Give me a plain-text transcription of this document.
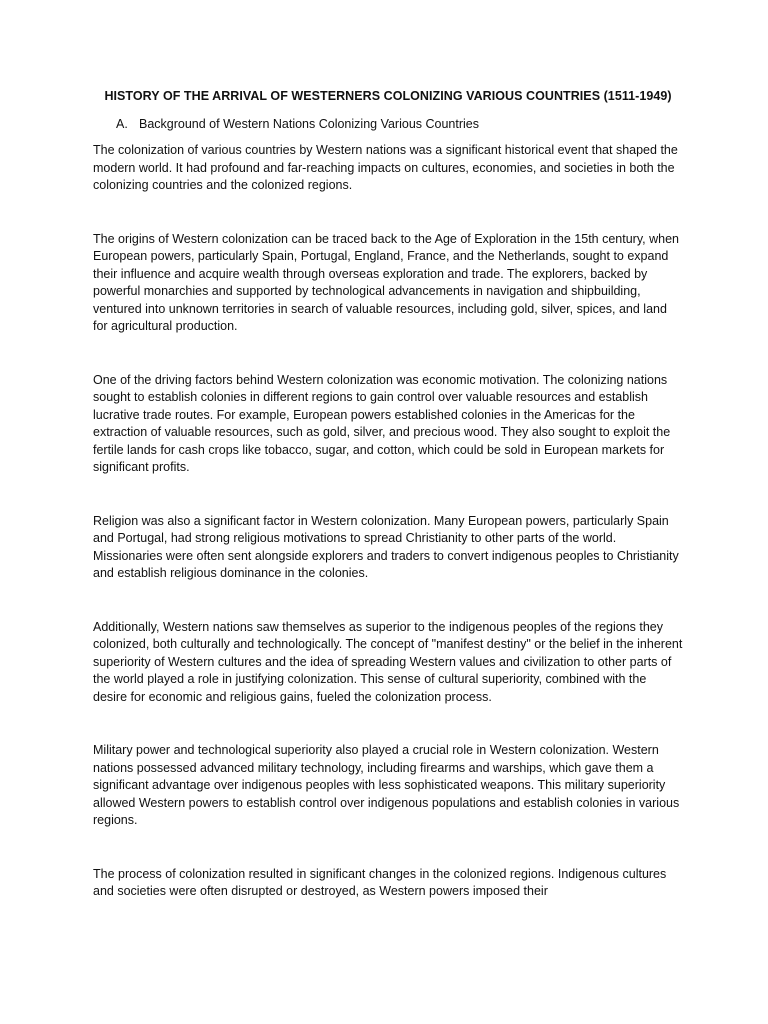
HISTORY OF THE ARRIVAL OF WESTERNERS COLONIZING VARIOUS COUNTRIES (1511-1949)
A. Background of Western Nations Colonizing Various Countries

The colonization of various countries by Western nations was a significant historical event that shaped the modern world. It had profound and far-reaching impacts on cultures, economies, and societies in both the colonizing countries and the colonized regions.

The origins of Western colonization can be traced back to the Age of Exploration in the 15th century, when European powers, particularly Spain, Portugal, England, France, and the Netherlands, sought to expand their influence and acquire wealth through overseas exploration and trade. The explorers, backed by powerful monarchies and supported by technological advancements in navigation and shipbuilding, ventured into unknown territories in search of valuable resources, including gold, silver, spices, and land for agricultural production.

One of the driving factors behind Western colonization was economic motivation. The colonizing nations sought to establish colonies in different regions to gain control over valuable resources and establish lucrative trade routes. For example, European powers established colonies in the Americas for the extraction of valuable resources, such as gold, silver, and precious wood. They also sought to exploit the fertile lands for cash crops like tobacco, sugar, and cotton, which could be sold in European markets for significant profits.

Religion was also a significant factor in Western colonization. Many European powers, particularly Spain and Portugal, had strong religious motivations to spread Christianity to other parts of the world. Missionaries were often sent alongside explorers and traders to convert indigenous peoples to Christianity and establish religious dominance in the colonies.

Additionally, Western nations saw themselves as superior to the indigenous peoples of the regions they colonized, both culturally and technologically. The concept of "manifest destiny" or the belief in the inherent superiority of Western cultures and the idea of spreading Western values and civilization to other parts of the world played a role in justifying colonization. This sense of cultural superiority, combined with the desire for economic and religious gains, fueled the colonization process.

Military power and technological superiority also played a crucial role in Western colonization. Western nations possessed advanced military technology, including firearms and warships, which gave them a significant advantage over indigenous peoples with less sophisticated weapons. This military superiority allowed Western powers to establish control over indigenous populations and establish colonies in various regions.

The process of colonization resulted in significant changes in the colonized regions. Indigenous cultures and societies were often disrupted or destroyed, as Western powers imposed their
